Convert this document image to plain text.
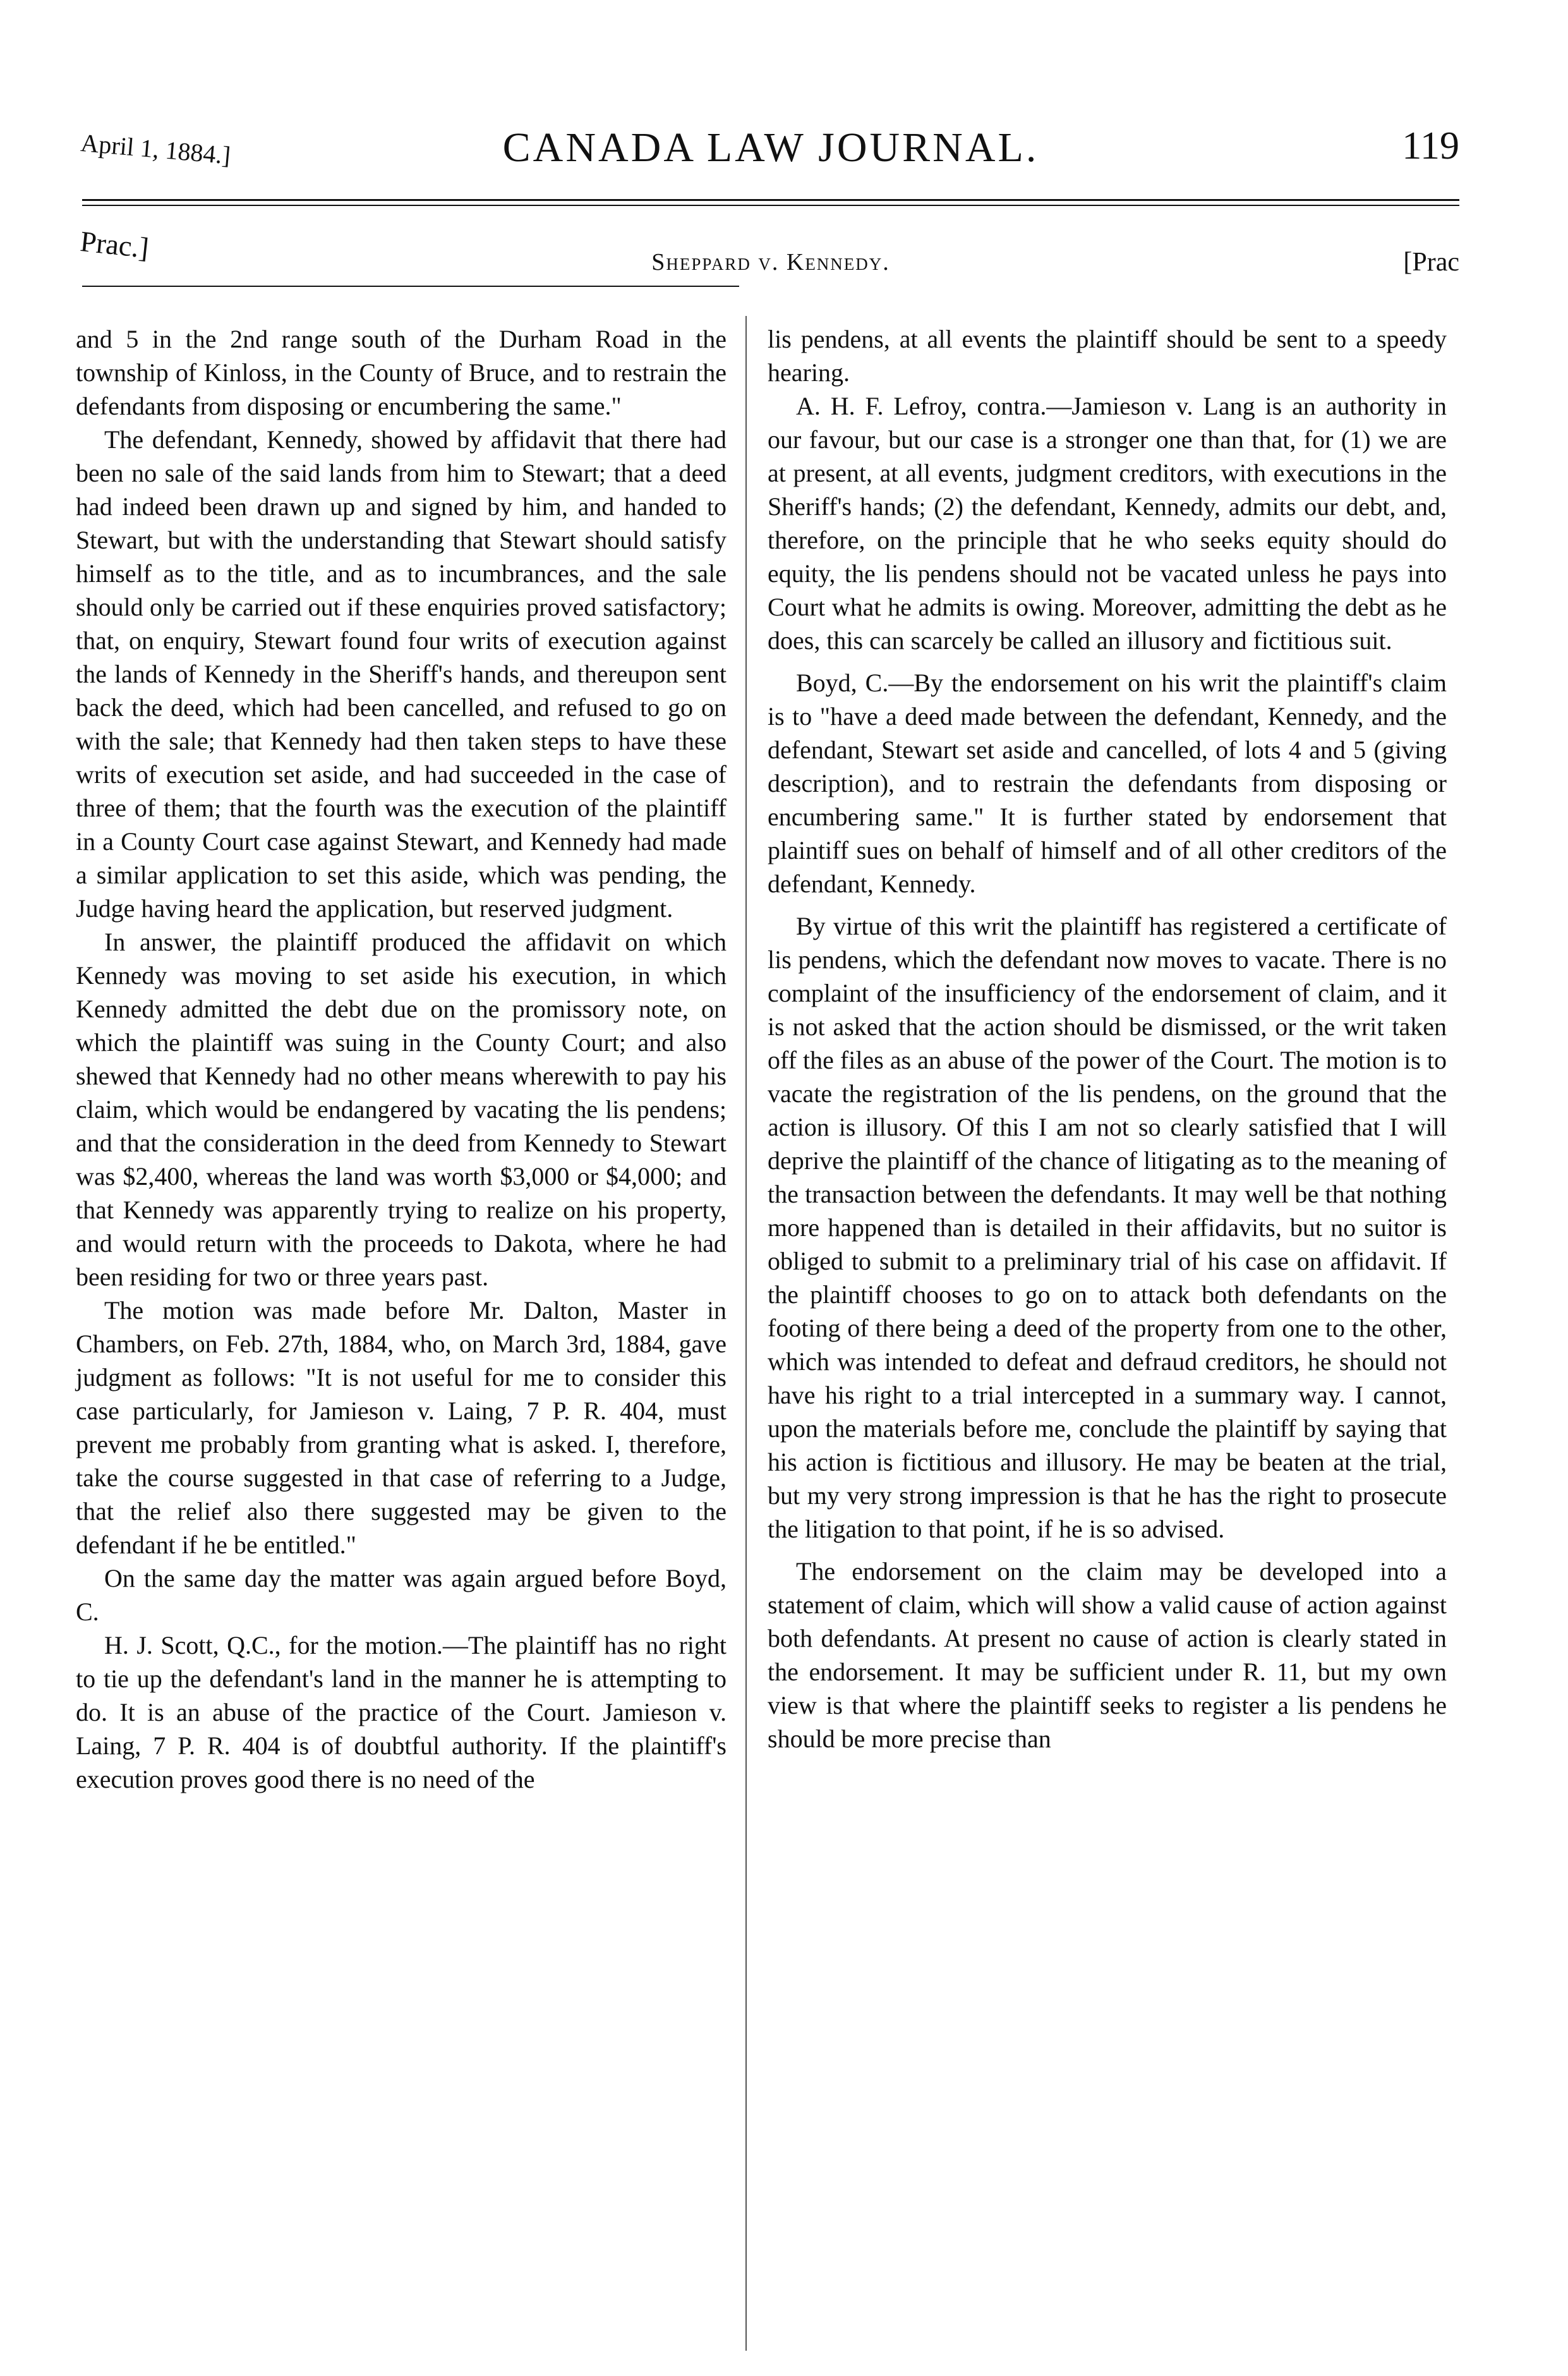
April 1, 1884.]	CANADA LAW JOURNAL.	119
Prac.]	Sheppard v. Kennedy.	[Prac

and 5 in the 2nd range south of the Durham Road in the township of Kinloss, in the County of Bruce, and to restrain the defendants from disposing or encumbering the same."

The defendant, Kennedy, showed by affidavit that there had been no sale of the said lands from him to Stewart; that a deed had indeed been drawn up and signed by him, and handed to Stewart, but with the understanding that Stewart should satisfy himself as to the title, and as to incumbrances, and the sale should only be carried out if these enquiries proved satisfactory; that, on enquiry, Stewart found four writs of execution against the lands of Kennedy in the Sheriff's hands, and thereupon sent back the deed, which had been cancelled, and refused to go on with the sale; that Kennedy had then taken steps to have these writs of execution set aside, and had succeeded in the case of three of them; that the fourth was the execution of the plaintiff in a County Court case against Stewart, and Kennedy had made a similar application to set this aside, which was pending, the Judge having heard the application, but reserved judgment.

In answer, the plaintiff produced the affidavit on which Kennedy was moving to set aside his execution, in which Kennedy admitted the debt due on the promissory note, on which the plaintiff was suing in the County Court; and also shewed that Kennedy had no other means wherewith to pay his claim, which would be endangered by vacating the lis pendens; and that the consideration in the deed from Kennedy to Stewart was $2,400, whereas the land was worth $3,000 or $4,000; and that Kennedy was apparently trying to realize on his property, and would return with the proceeds to Dakota, where he had been residing for two or three years past.

The motion was made before Mr. Dalton, Master in Chambers, on Feb. 27th, 1884, who, on March 3rd, 1884, gave judgment as follows: "It is not useful for me to consider this case particularly, for Jamieson v. Laing, 7 P. R. 404, must prevent me probably from granting what is asked. I, therefore, take the course suggested in that case of referring to a Judge, that the relief also there suggested may be given to the defendant if he be entitled."

On the same day the matter was again argued before Boyd, C.

H. J. Scott, Q.C., for the motion.—The plaintiff has no right to tie up the defendant's land in the manner he is attempting to do. It is an abuse of the practice of the Court. Jamieson v. Laing, 7 P. R. 404 is of doubtful authority. If the plaintiff's execution proves good there is no need of the

lis pendens, at all events the plaintiff should be sent to a speedy hearing.

A. H. F. Lefroy, contra.—Jamieson v. Lang is an authority in our favour, but our case is a stronger one than that, for (1) we are at present, at all events, judgment creditors, with executions in the Sheriff's hands; (2) the defendant, Kennedy, admits our debt, and, therefore, on the principle that he who seeks equity should do equity, the lis pendens should not be vacated unless he pays into Court what he admits is owing. Moreover, admitting the debt as he does, this can scarcely be called an illusory and fictitious suit.

Boyd, C.—By the endorsement on his writ the plaintiff's claim is to "have a deed made between the defendant, Kennedy, and the defendant, Stewart set aside and cancelled, of lots 4 and 5 (giving description), and to restrain the defendants from disposing or encumbering same." It is further stated by endorsement that plaintiff sues on behalf of himself and of all other creditors of the defendant, Kennedy.

By virtue of this writ the plaintiff has registered a certificate of lis pendens, which the defendant now moves to vacate. There is no complaint of the insufficiency of the endorsement of claim, and it is not asked that the action should be dismissed, or the writ taken off the files as an abuse of the power of the Court. The motion is to vacate the registration of the lis pendens, on the ground that the action is illusory. Of this I am not so clearly satisfied that I will deprive the plaintiff of the chance of litigating as to the meaning of the transaction between the defendants. It may well be that nothing more happened than is detailed in their affidavits, but no suitor is obliged to submit to a preliminary trial of his case on affidavit. If the plaintiff chooses to go on to attack both defendants on the footing of there being a deed of the property from one to the other, which was intended to defeat and defraud creditors, he should not have his right to a trial intercepted in a summary way. I cannot, upon the materials before me, conclude the plaintiff by saying that his action is fictitious and illusory. He may be beaten at the trial, but my very strong impression is that he has the right to prosecute the litigation to that point, if he is so advised.

The endorsement on the claim may be developed into a statement of claim, which will show a valid cause of action against both defendants. At present no cause of action is clearly stated in the endorsement. It may be sufficient under R. 11, but my own view is that where the plaintiff seeks to register a lis pendens he should be more precise than
